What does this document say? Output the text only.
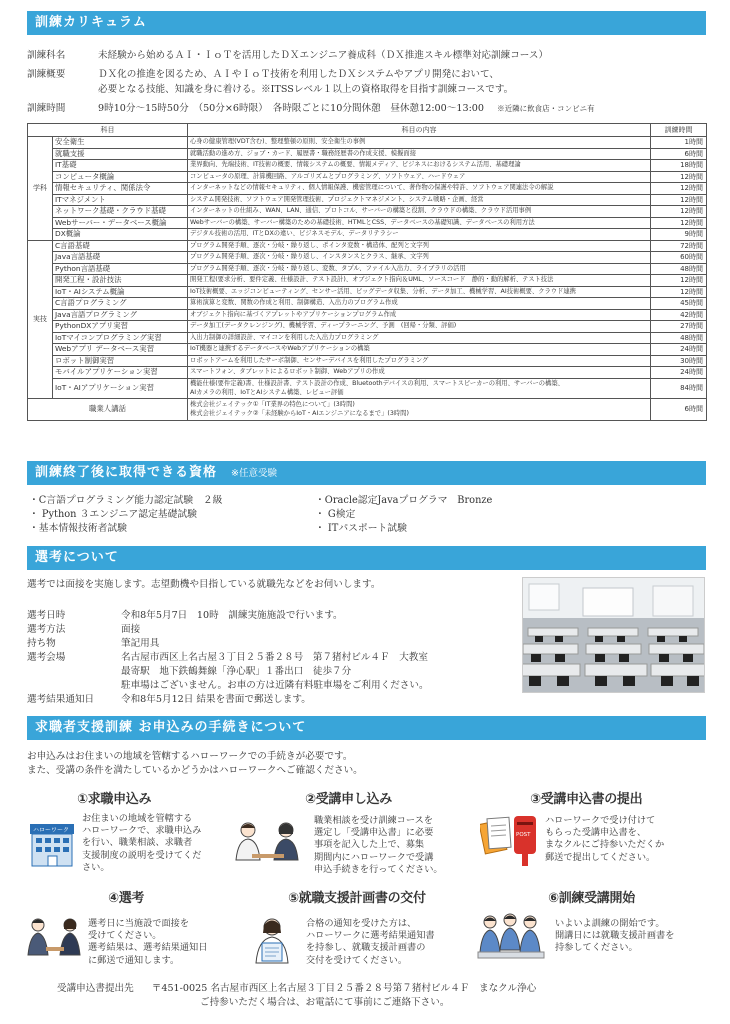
訓練カリキュラム
訓練科名	未経験から始めるＡＩ・ＩｏＴを活用したＤＸエンジニア養成科（ＤＸ推進スキル標準対応訓練コース）
訓練概要	ＤＸ化の推進を図るため、ＡＩやＩｏＴ技術を利用したＤＸシステムやアプリ開発において、
必要となる技能、知識を身に着ける。※ITSSレベル１以上の資格取得を目指す訓練コースです。
訓練時間	9時10分～15時50分　（50分×6時限）　各時限ごとに10分間休憩　昼休憩12:00～13:00 ※近隣に飲食店・コンビニ有
科目		科目の内容	訓練時間
学科	安全衛生	心身の健康管理(VDT含む)、整理整頓の原則、安全衛生の事例	1時間
	就職支援	就職活動の進め方、ジョブ・カード、履歴書・職務経歴書の作成支援、模擬面接	6時間
	IT基礎	業界動向、先端技術、IT技術の概要、情報システムの概要、情報メディア、ビジネスにおけるシステム活用、基礎理論	18時間
	コンピュータ概論	コンピュータの原理、計算機回路、アルゴリズムとプログラミング、ソフトウェア、ハードウェア	12時間
	情報セキュリティ、関係法令	インターネットなどの情報セキュリティ、個人情報保護、機密管理について、著作物の保護や特許、ソフトウェア関連法令の解説	12時間
	ITマネジメント	システム開発技術、ソフトウェア開発管理技術、プロジェクトマネジメント、システム戦略・企画、経営	12時間
	ネットワーク基礎・クラウド基礎	インターネットの仕組み、WAN、LAN、通信、プロトコル、サーバーの構築と役割、クラウドの構築、クラウド活用事例	12時間
	Webサーバー・データベース概論	Webサーバーの構築、サーバー構築のための基礎技術、HTMLとCSS、データベースの基礎知識、データベースの利用方法	12時間
	DX概論	デジタル技術の活用、ITとDXの違い、ビジネスモデル、データリテラシー	9時間
実技	C言語基礎	プログラム開発手順、逐次・分岐・繰り返し、ポインタ変数・構造体、配列と文字列	72時間
	Java言語基礎	プログラム開発手順、逐次・分岐・繰り返し、インスタンスとクラス、継承、文字列	60時間
	Python言語基礎	プログラム開発手順、逐次・分岐・繰り返し、変数、タプル、ファイル入出力、ライブラリの活用	48時間
	開発工程・設計技法	開発工程(要求分析、要件定義、仕様設計、テスト設計)、オブジェクト指向＆UML、ソースコード　静的・動的解析、テスト技法	12時間
	IoT・AIシステム概論	IoT技術概要、エッジコンピューティング、センサー活用、ビッグデータ収集、分析、データ加工、機械学習、AI技術概要、クラウド連携	12時間
	C言語プログラミング	算術演算と変数、関数の作成と利用、制御構造、入出力のプログラム作成	45時間
	Java言語プログラミング	オブジェクト指向に基づくアプレットやアプリケーションプログラム作成	42時間
	PythonDXアプリ実習	データ加工(データクレンジング)、機械学習、ディープラーニング、予測　(回帰・分類、評価)	27時間
	IoTマイコンプログラミング実習	入出力制御の詳細設計、マイコンを利用した入出力プログラミング	48時間
	Webアプリ データベース実習	IoT機器と連携するデータベースやWebアプリケーションの構築	24時間
	ロボット制御実習	ロボットアームを利用したサーボ制御、センサーデバイスを利用したプログラミング	30時間
	モバイルアプリケーション実習	スマートフォン、タブレットによるロボット制御、Webアプリの作成	24時間
	IoT・AIアプリケーション実習	機能仕様(要件定義)書、仕様設計書、テスト設計の作成、Bluetoothデバイスの利用、スマートスピーカーの利用、サーバーの構築、
AIカメラの利用、IoTとAIシステム構築、レビュー評価	84時間
職業人講話		株式会社ジェイテック①「IT業界の特色について」(3時間)
株式会社ジェイテック②「未経験からIoT・AIエンジニアになるまで」(3時間)	6時間
訓練終了後に取得できる資格 ※任意受験
・C言語プログラミング能力認定試験　２級
・ Python ３エンジニア認定基礎試験
・基本情報技術者試験
・Oracle認定Javaプログラマ　Bronze
・ G検定
・ ITパスポート試験
選考について
選考では面接を実施します。志望動機や目指している就職先などをお伺いします。
選考日時	令和8年5月7日　10時　訓練実施施設で行います。
選考方法	面接
持ち物	筆記用具
選考会場	名古屋市西区上名古屋３丁目２５番２８号　第７猪村ビル４Ｆ　大教室
最寄駅　地下鉄鶴舞線「浄心駅」１番出口　徒歩７分
駐車場はございません。お車の方は近隣有料駐車場をご利用ください。
選考結果通知日	令和8年5月12日 結果を書面で郵送します。
求職者支援訓練 お申込みの手続きについて
お申込みはお住まいの地域を管轄するハローワークでの手続きが必要です。
また、受講の条件を満たしているかどうかはハローワークへご確認ください。
①求職申込み
ハローワーク
お住まいの地域を管轄する
ハローワークで、求職申込み
を行い、職業相談、求職者
支援制度の説明を受けてくだ
さい。
②受講申し込み
職業相談を受け訓練コースを
選定し「受講申込書」に必要
事項を記入した上で、募集
期間内にハローワークで受講
申込手続きを行ってください。
③受講申込書の提出
POST
ハローワークで受け付けて
もらった受講申込書を、
まなクルにご持参いただくか
郵送で提出してください。
④選考
選考日に当施設で面接を
受けてください。
選考結果は、選考結果通知日
に郵送で通知します。
⑤就職支援計画書の交付
合格の通知を受けた方は、
ハローワークに選考結果通知書
を持参し、就職支援計画書の
交付を受けてください。
⑥訓練受講開始
いよいよ訓練の開始です。
開講日には就職支援計画書を
持参してください。
受講申込書提出先 〒451-0025 名古屋市西区上名古屋３丁目２５番２８号第７猪村ビル４Ｆ　まなクル浄心
ご持参いただく場合は、お電話にて事前にご連絡下さい。
